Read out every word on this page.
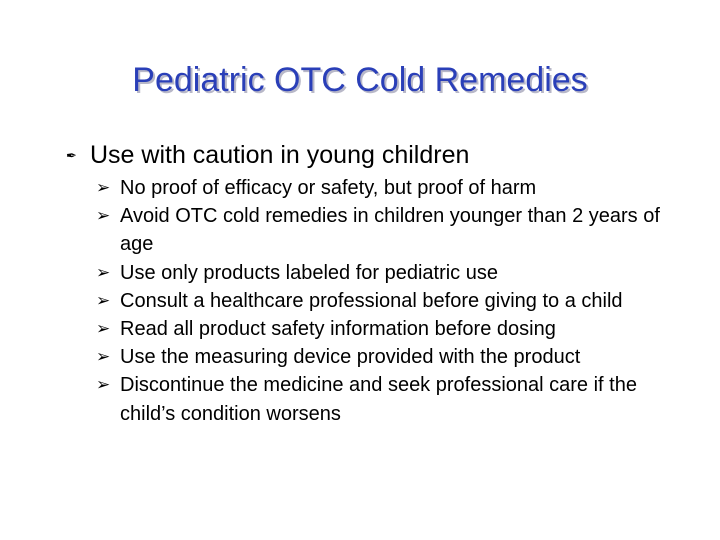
Pediatric OTC Cold Remedies
✒ Use with caution in young children
➢ No proof of efficacy or safety, but proof of harm
➢ Avoid OTC cold remedies in children younger than 2 years of age
➢ Use only products labeled for pediatric use
➢ Consult a healthcare professional before giving to a child
➢ Read all product safety information before dosing
➢ Use the measuring device provided with the product
➢ Discontinue the medicine and seek professional care if the child’s condition worsens
